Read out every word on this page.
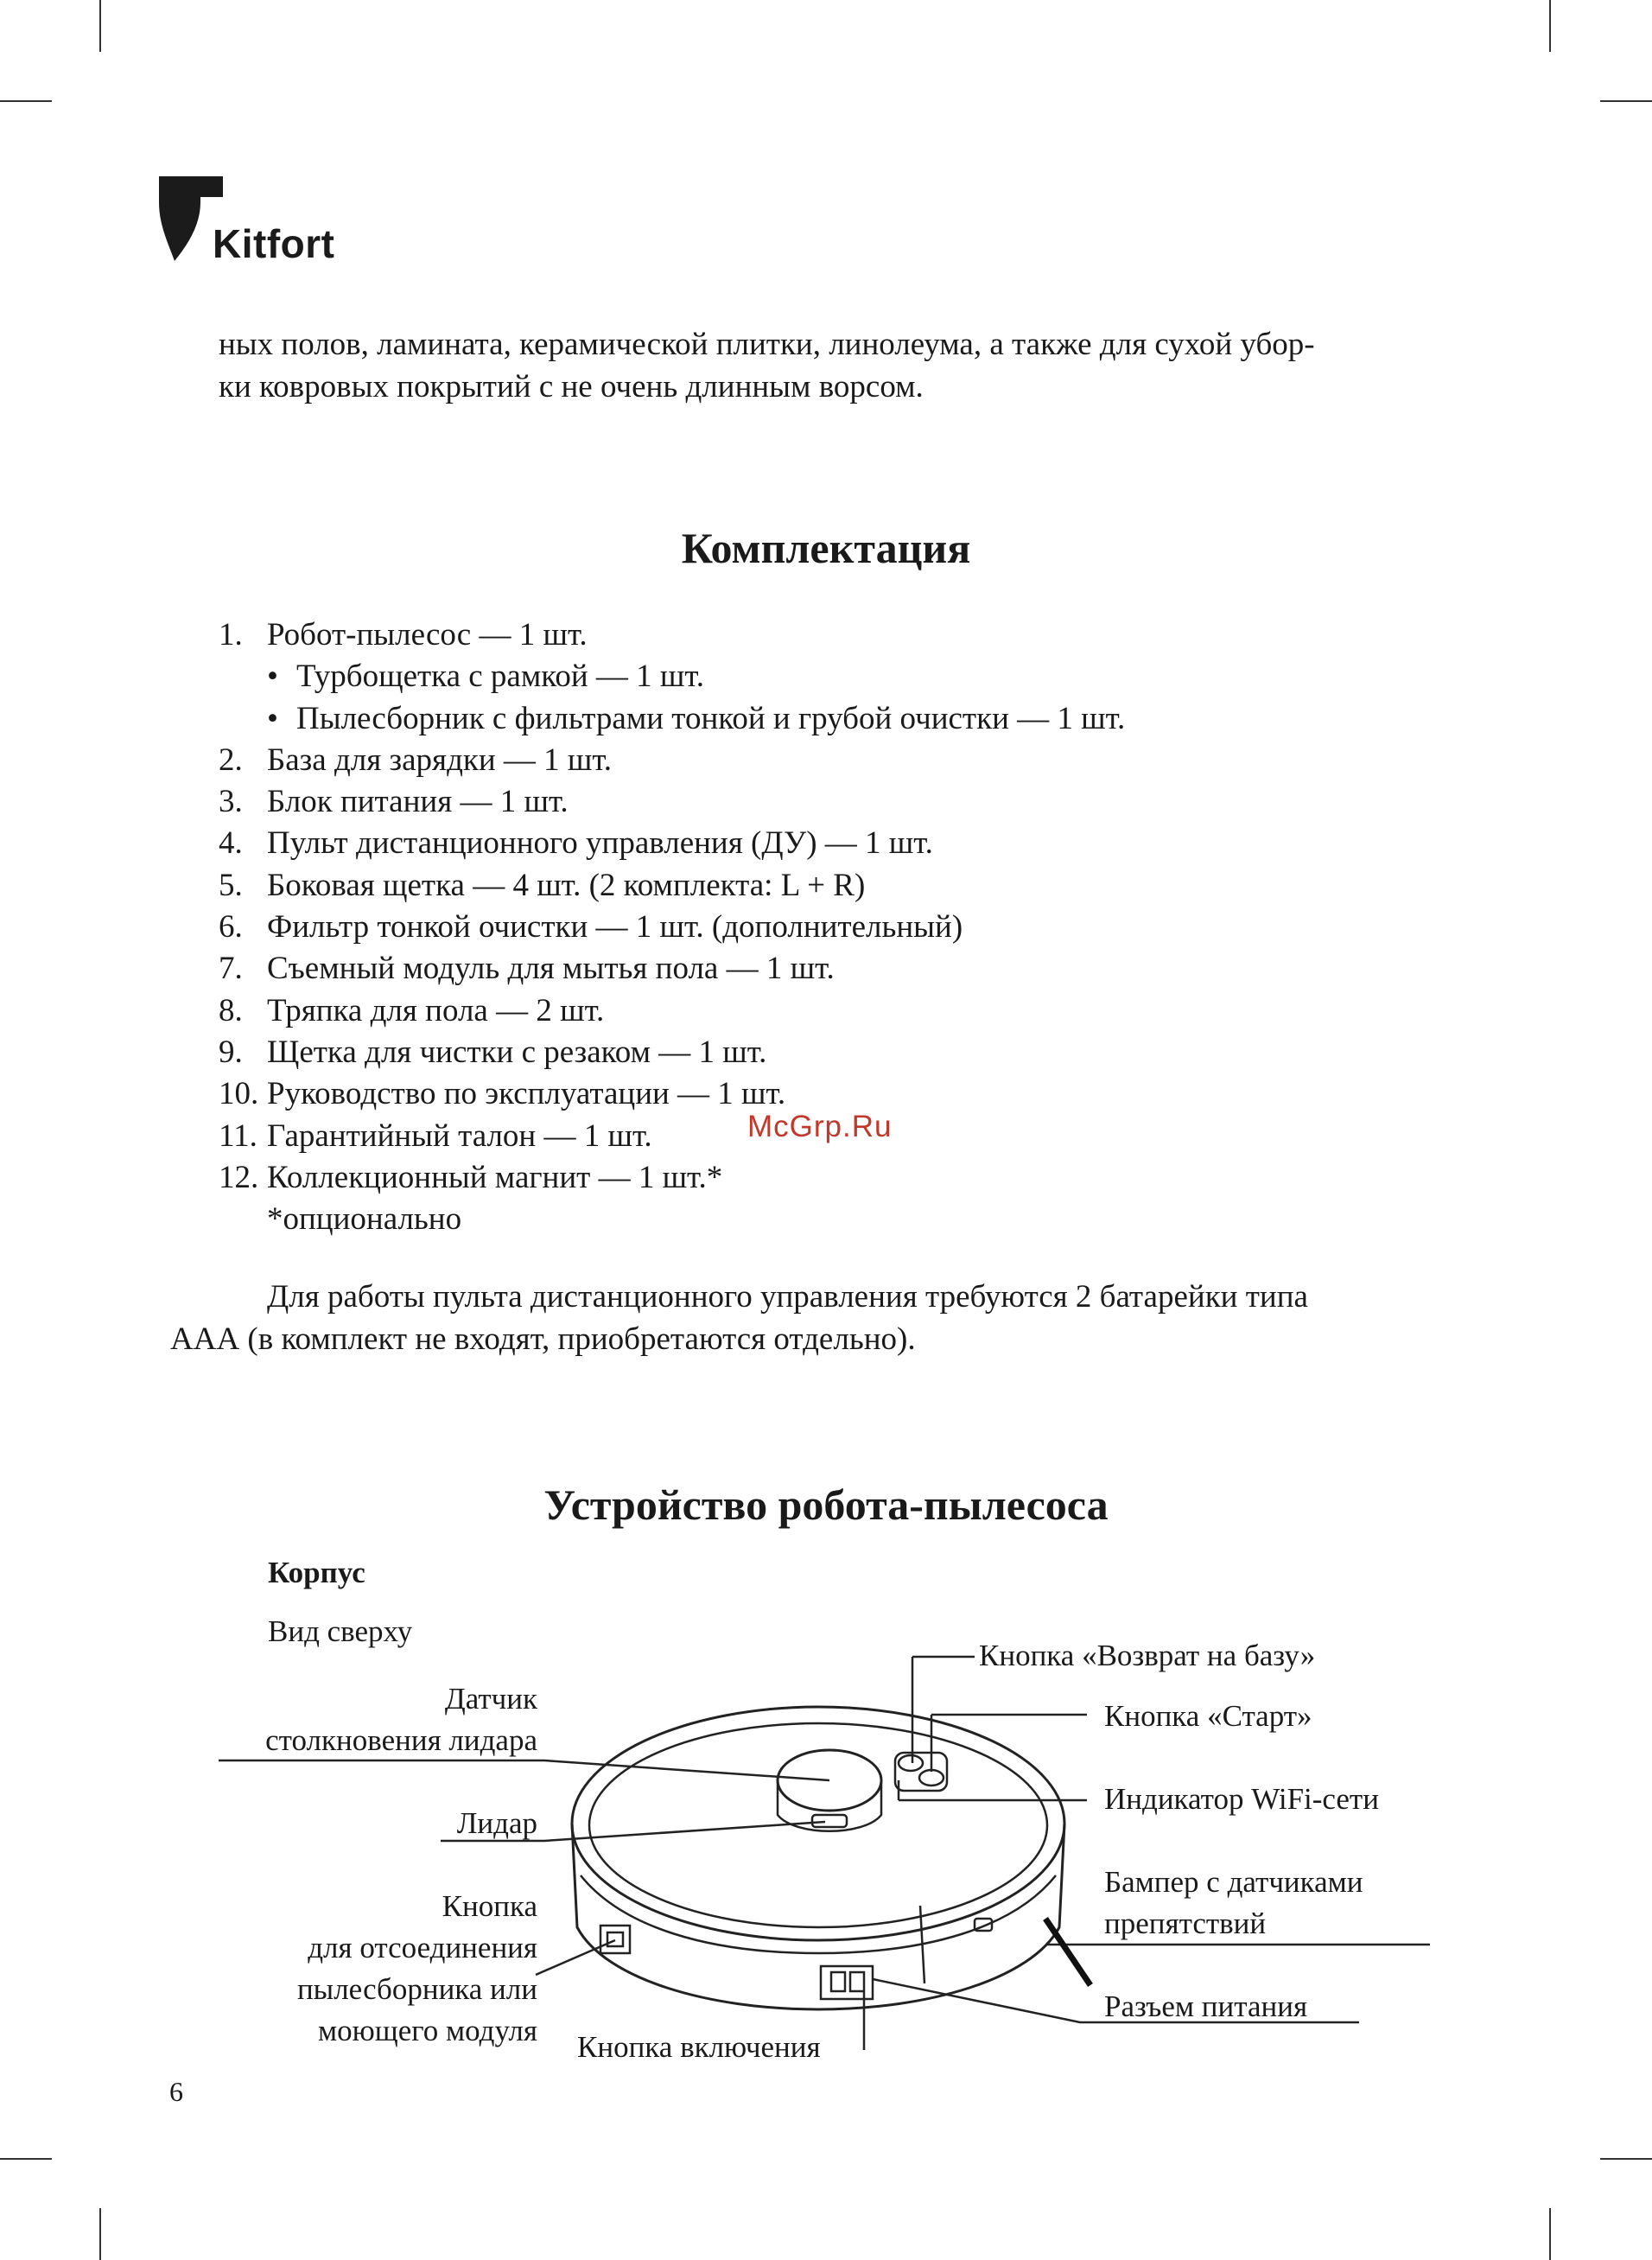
Kitfort

ных полов, ламината, керамической плитки, линолеума, а также для сухой убор-

ки ковровых покрытий с не очень длинным ворсом.

Комплектация
1. Робот-пылесос — 1 шт.
• Турбощетка с рамкой — 1 шт.
• Пылесборник с фильтрами тонкой и грубой очистки — 1 шт.
2. База для зарядки — 1 шт.
3. Блок питания — 1 шт.
4. Пульт дистанционного управления (ДУ) — 1 шт.
5. Боковая щетка — 4 шт. (2 комплекта: L + R)
6. Фильтр тонкой очистки — 1 шт. (дополнительный)
7. Съемный модуль для мытья пола — 1 шт.
8. Тряпка для пола — 2 шт.
9. Щетка для чистки с резаком — 1 шт.
10. Руководство по эксплуатации — 1 шт.
11. Гарантийный талон — 1 шт.
12. Коллекционный магнит — 1 шт.*
*опционально
Для работы пульта дистанционного управления требуются 2 батарейки типа
ААА (в комплект не входят, приобретаются отдельно).
Устройство робота-пылесоса
Корпус
Вид сверху
Кнопка «Возврат на базу»
Кнопка «Старт»
Индикатор WiFi-сети
Бампер с датчиками
препятствий
Разъем питания
Кнопка включения
Датчик
столкновения лидара
Лидар
Кнопка
для отсоединения
пылесборника или
моющего модуля
McGrp.Ru
6
